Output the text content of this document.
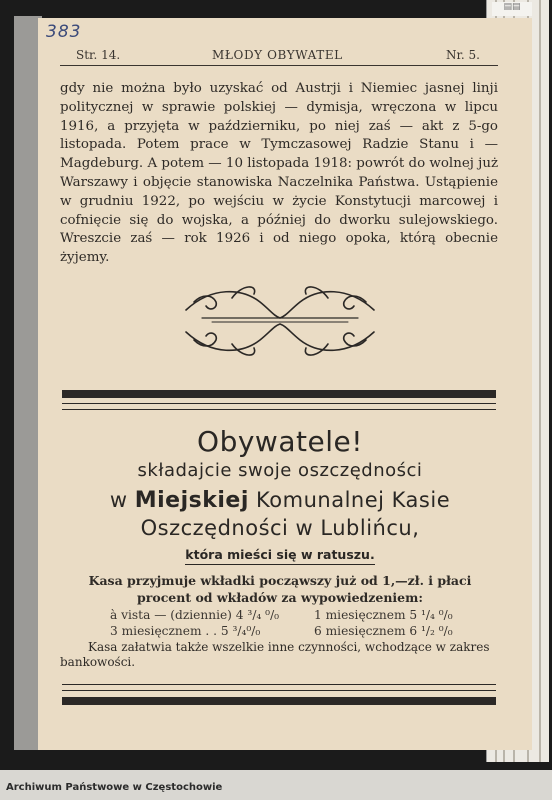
▤▤
383
Str. 14.	MŁODY OBYWATEL	Nr. 5.

gdy nie można było uzyskać od Austrji i Niemiec jasnej linji politycznej w sprawie polskiej — dymisja, wręczona w lipcu 1916, a przyjęta w październiku, po niej zaś — akt z 5-go listopada. Potem prace w Tymczasowej Radzie Stanu i — Magdeburg. A potem — 10 listopada 1918: powrót do wolnej już Warszawy i objęcie stanowiska Naczelnika Państwa. Ustąpienie w grudniu 1922, po wejściu w życie Konstytucji marcowej i cofnięcie się do wojska, a później do dworku sulejowskiego. Wreszcie zaś — rok 1926 i od niego opoka, którą obecnie żyjemy.

Obywatele!
składajcie swoje oszczędności
w Miejskiej Komunalnej Kasie
Oszczędności w Lublińcu,
która mieści się w ratuszu.
Kasa przyjmuje wkładki począwszy już od 1,—zł. i płaci procent od wkładów za wypowiedzeniem:
à vista — (dziennie) 4 ³/₄ ⁰/₀	1 miesięcznem 5 ¹/₄ ⁰/₀
3 miesięcznem . . 5 ³/₄⁰/₀	6 miesięcznem 6 ¹/₂ ⁰/₀
Kasa załatwia także wszelkie inne czynności, wchodzące w zakres bankowości.
Archiwum Państwowe w Częstochowie
